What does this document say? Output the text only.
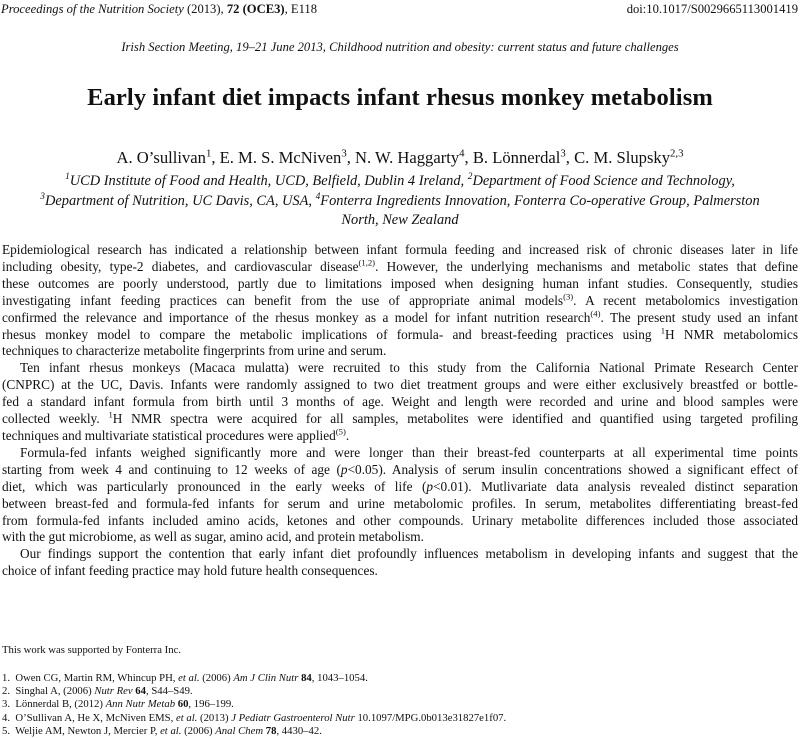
Proceedings of the Nutrition Society (2013), 72 (OCE3), E118	doi:10.1017/S0029665113001419
Irish Section Meeting, 19–21 June 2013, Childhood nutrition and obesity: current status and future challenges
Early infant diet impacts infant rhesus monkey metabolism
A. O’sullivan$^1$, E. M. S. McNiven$^3$, N. W. Haggarty$^4$, B. Lönnerdal$^3$, C. M. Slupsky$^{2,3}$
$^1$UCD Institute of Food and Health, UCD, Belfield, Dublin 4 Ireland, $^2$Department of Food Science and Technology,
$^3$Department of Nutrition, UC Davis, CA, USA, $^4$Fonterra Ingredients Innovation, Fonterra Co-operative Group, Palmerston
North, New Zealand

Epidemiological research has indicated a relationship between infant formula feeding and increased risk of chronic diseases later in life
including obesity, type-2 diabetes, and cardiovascular disease$^{(1,2)}$. However, the underlying mechanisms and metabolic states that define
these outcomes are poorly understood, partly due to limitations imposed when designing human infant studies. Consequently, studies
investigating infant feeding practices can benefit from the use of appropriate animal models$^{(3)}$. A recent metabolomics investigation
confirmed the relevance and importance of the rhesus monkey as a model for infant nutrition research$^{(4)}$. The present study used an infant
rhesus monkey model to compare the metabolic implications of formula- and breast-feeding practices using $^1$H NMR metabolomics
techniques to characterize metabolite fingerprints from urine and serum.

Ten infant rhesus monkeys (Macaca mulatta) were recruited to this study from the California National Primate Research Center
(CNPRC) at the UC, Davis. Infants were randomly assigned to two diet treatment groups and were either exclusively breastfed or bottle-
fed a standard infant formula from birth until 3 months of age. Weight and length were recorded and urine and blood samples were
collected weekly. $^1$H NMR spectra were acquired for all samples, metabolites were identified and quantified using targeted profiling
techniques and multivariate statistical procedures were applied$^{(5)}$.

Formula-fed infants weighed significantly more and were longer than their breast-fed counterparts at all experimental time points
starting from week 4 and continuing to 12 weeks of age (p<0.05). Analysis of serum insulin concentrations showed a significant effect of
diet, which was particularly pronounced in the early weeks of life (p<0.01). Mutlivariate data analysis revealed distinct separation
between breast-fed and formula-fed infants for serum and urine metabolomic profiles. In serum, metabolites differentiating breast-fed
from formula-fed infants included amino acids, ketones and other compounds. Urinary metabolite differences included those associated
with the gut microbiome, as well as sugar, amino acid, and protein metabolism.

Our findings support the contention that early infant diet profoundly influences metabolism in developing infants and suggest that the
choice of infant feeding practice may hold future health consequences.

This work was supported by Fonterra Inc.
1. Owen CG, Martin RM, Whincup PH, et al. (2006) Am J Clin Nutr 84, 1043–1054.
2. Singhal A, (2006) Nutr Rev 64, S44–S49.
3. Lönnerdal B, (2012) Ann Nutr Metab 60, 196–199.
4. O’Sullivan A, He X, McNiven EMS, et al. (2013) J Pediatr Gastroenterol Nutr 10.1097/MPG.0b013e31827e1f07.
5. Weljie AM, Newton J, Mercier P, et al. (2006) Anal Chem 78, 4430–42.
